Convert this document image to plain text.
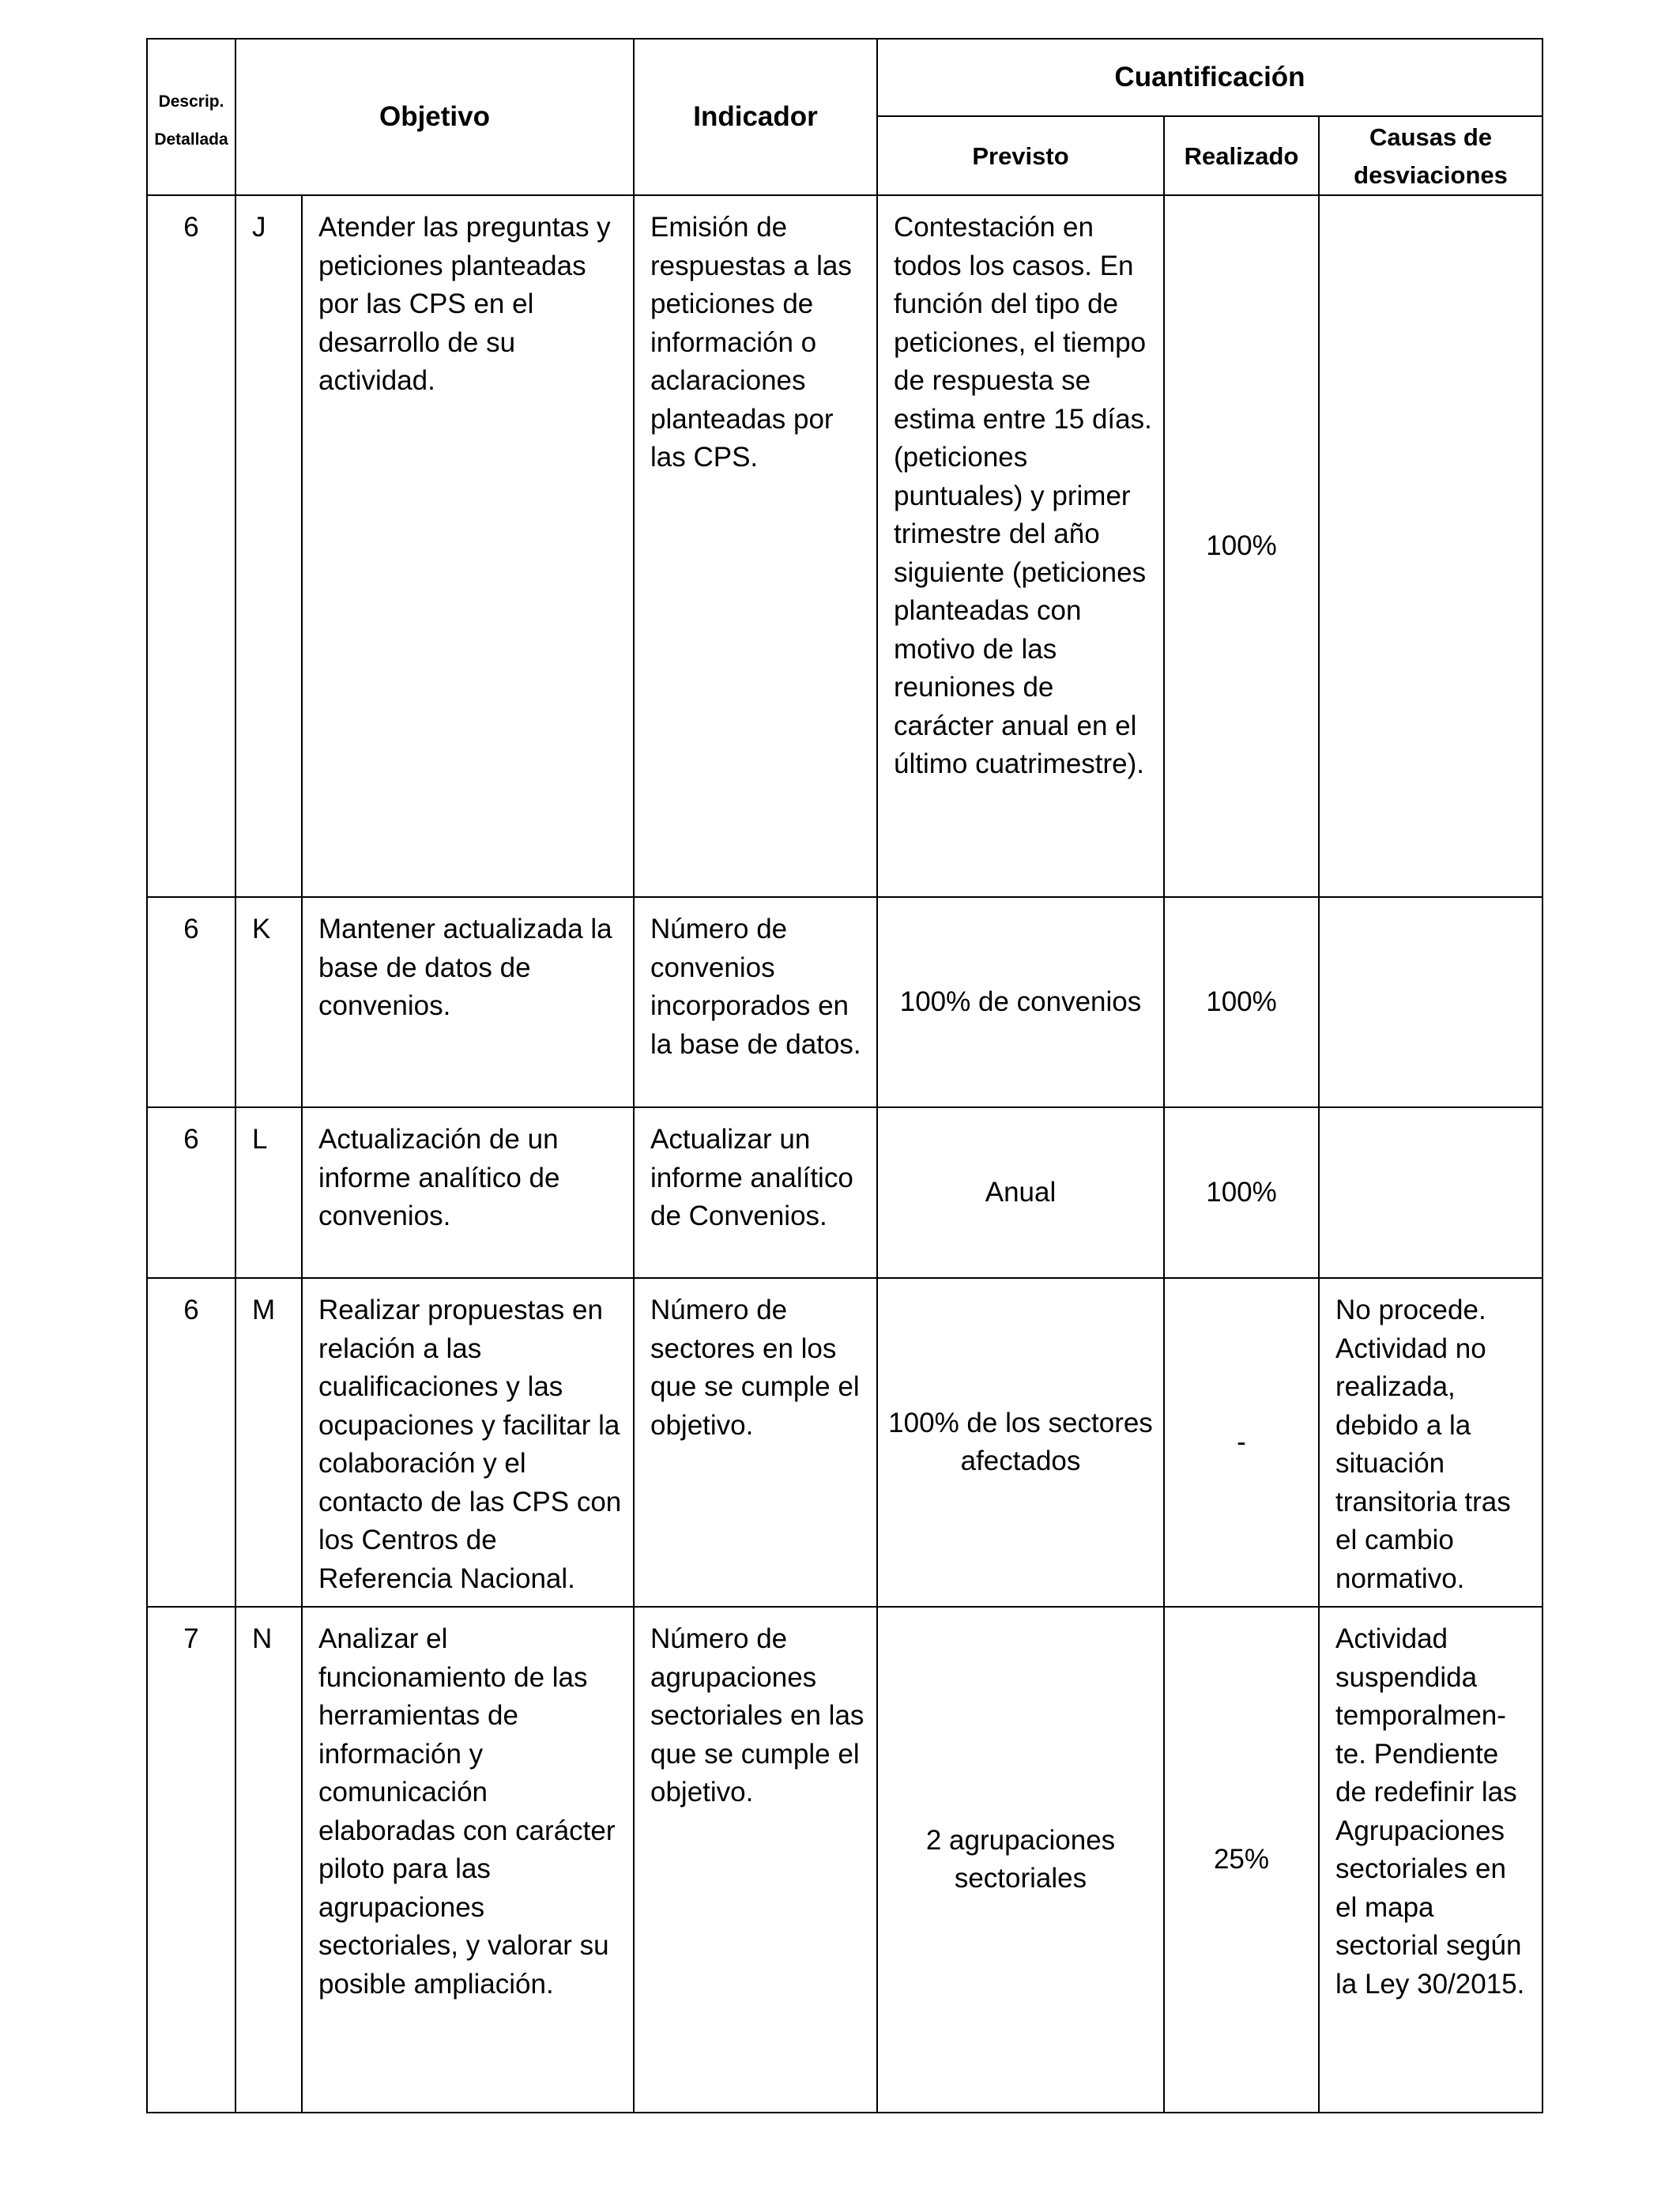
Descrip. Detallada	Objetivo		Indicador	Cuantificación		
				Previsto	Realizado	Causas de desviaciones
6	J	Atender las preguntas y peticiones planteadas por las CPS en el desarrollo de su actividad.	Emisión de respuestas a las peticiones de información o aclaraciones planteadas por las CPS.	Contestación en todos los casos. En función del tipo de peticiones, el tiempo de respuesta se estima entre 15 días. (peticiones puntuales) y primer trimestre del año siguiente (peticiones planteadas con motivo de las reuniones de carácter anual en el último cuatrimestre).	100%	
6	K	Mantener actualizada la base de datos de convenios.	Número de convenios incorporados en la base de datos.	100% de convenios	100%	
6	L	Actualización de un informe analítico de convenios.	Actualizar un informe analítico de Convenios.	Anual	100%	
6	M	Realizar propuestas en relación a las cualificaciones y las ocupaciones y facilitar la colaboración y el contacto de las CPS con los Centros de Referencia Nacional.	Número de sectores en los que se cumple el objetivo.	100% de los sectores afectados	-	No procede. Actividad no realizada, debido a la situación transitoria tras el cambio normativo.
7	N	Analizar el funcionamiento de las herramientas de información y comunicación elaboradas con carácter piloto para las agrupaciones sectoriales, y valorar su posible ampliación.	Número de agrupaciones sectoriales en las que se cumple el objetivo.	2 agrupaciones sectoriales	25%	Actividad suspendida temporalmen-te. Pendiente de redefinir las Agrupaciones sectoriales en el mapa sectorial según la Ley 30/2015.
